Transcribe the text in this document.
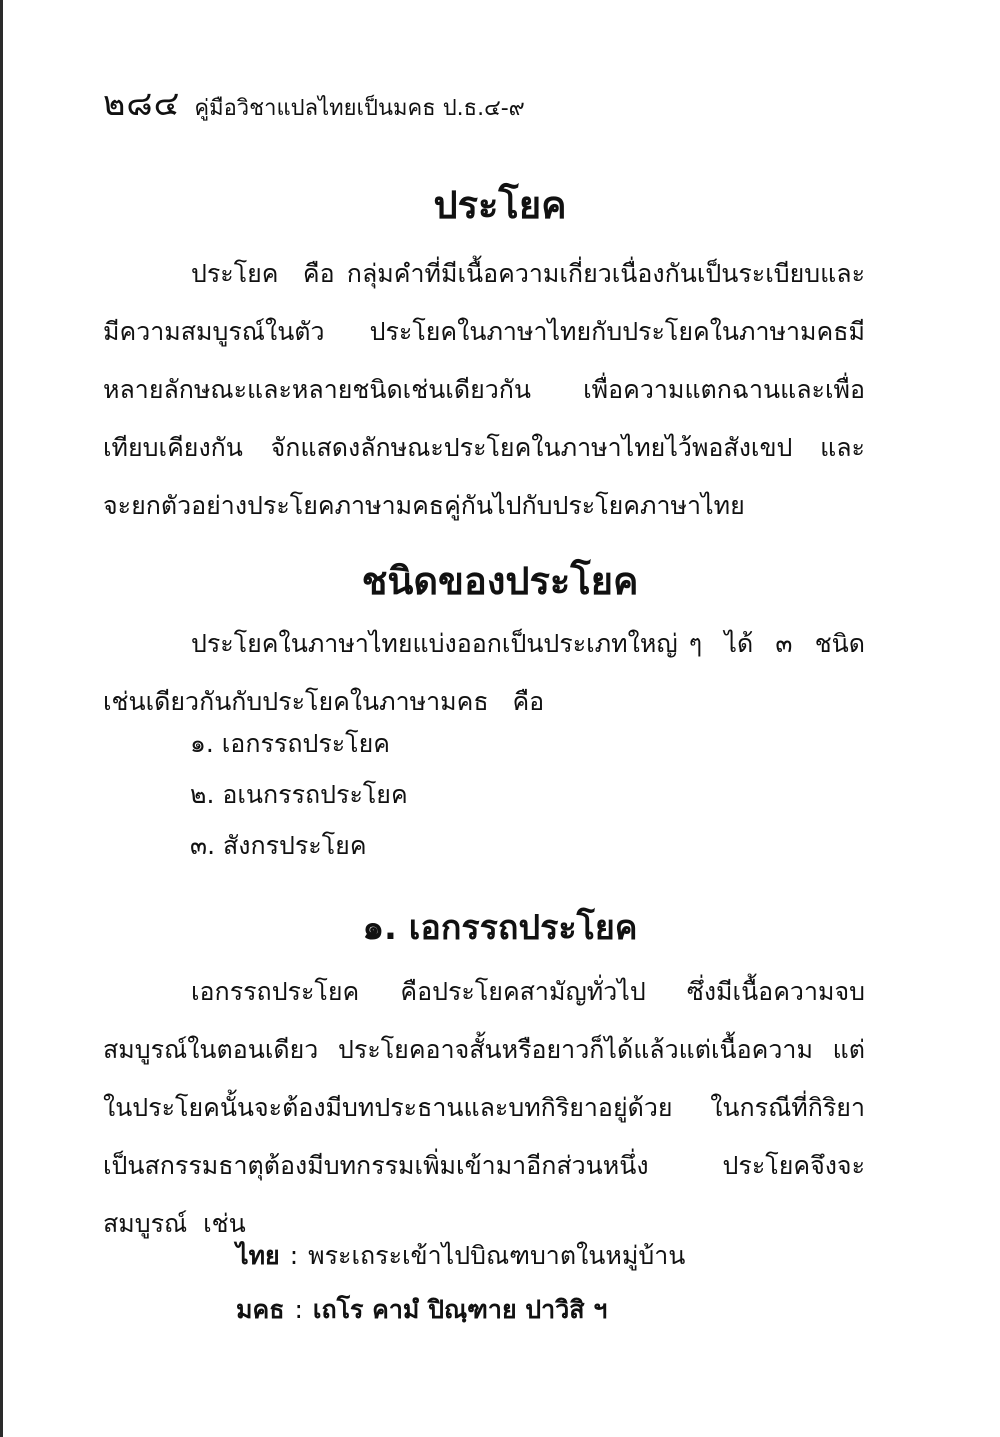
๒๘๔ คู่มือวิชาแปลไทยเป็นมคธ ป.ธ.๔-๙
ประโยค
ประโยค  คือ กลุ่มคำที่มีเนื้อความเกี่ยวเนื่องกันเป็นระเบียบและ
มีความสมบูรณ์ในตัว    ประโยคในภาษาไทยกับประโยคในภาษามคธมี
หลายลักษณะและหลายชนิดเช่นเดียวกัน    เพื่อความแตกฉานและเพื่อ
เทียบเคียงกัน  จักแสดงลักษณะประโยคในภาษาไทยไว้พอสังเขป  และ
จะยกตัวอย่างประโยคภาษามคธคู่กันไปกับประโยคภาษาไทย
ชนิดของประโยค
ประโยคในภาษาไทยแบ่งออกเป็นประเภทใหญ่ ๆ  ได้  ๓  ชนิด
เช่นเดียวกันกับประโยคในภาษามคธ   คือ
๑. เอกรรถประโยค
๒. อเนกรรถประโยค
๓. สังกรประโยค
๑. เอกรรถประโยค
เอกรรถประโยค    คือประโยคสามัญทั่วไป    ซึ่งมีเนื้อความจบ
สมบูรณ์ในตอนเดียว  ประโยคอาจสั้นหรือยาวก็ได้แล้วแต่เนื้อความ  แต่
ในประโยคนั้นจะต้องมีบทประธานและบทกิริยาอยู่ด้วย  ในกรณีที่กิริยา
เป็นสกรรมธาตุต้องมีบทกรรมเพิ่มเข้ามาอีกส่วนหนึ่ง    ประโยคจึงจะ
สมบูรณ์  เช่น
ไทย : พระเถระเข้าไปบิณฑบาตในหมู่บ้าน
มคธ : เถโร คามํ ปิณฺฑาย ปาวิสิ ฯ
